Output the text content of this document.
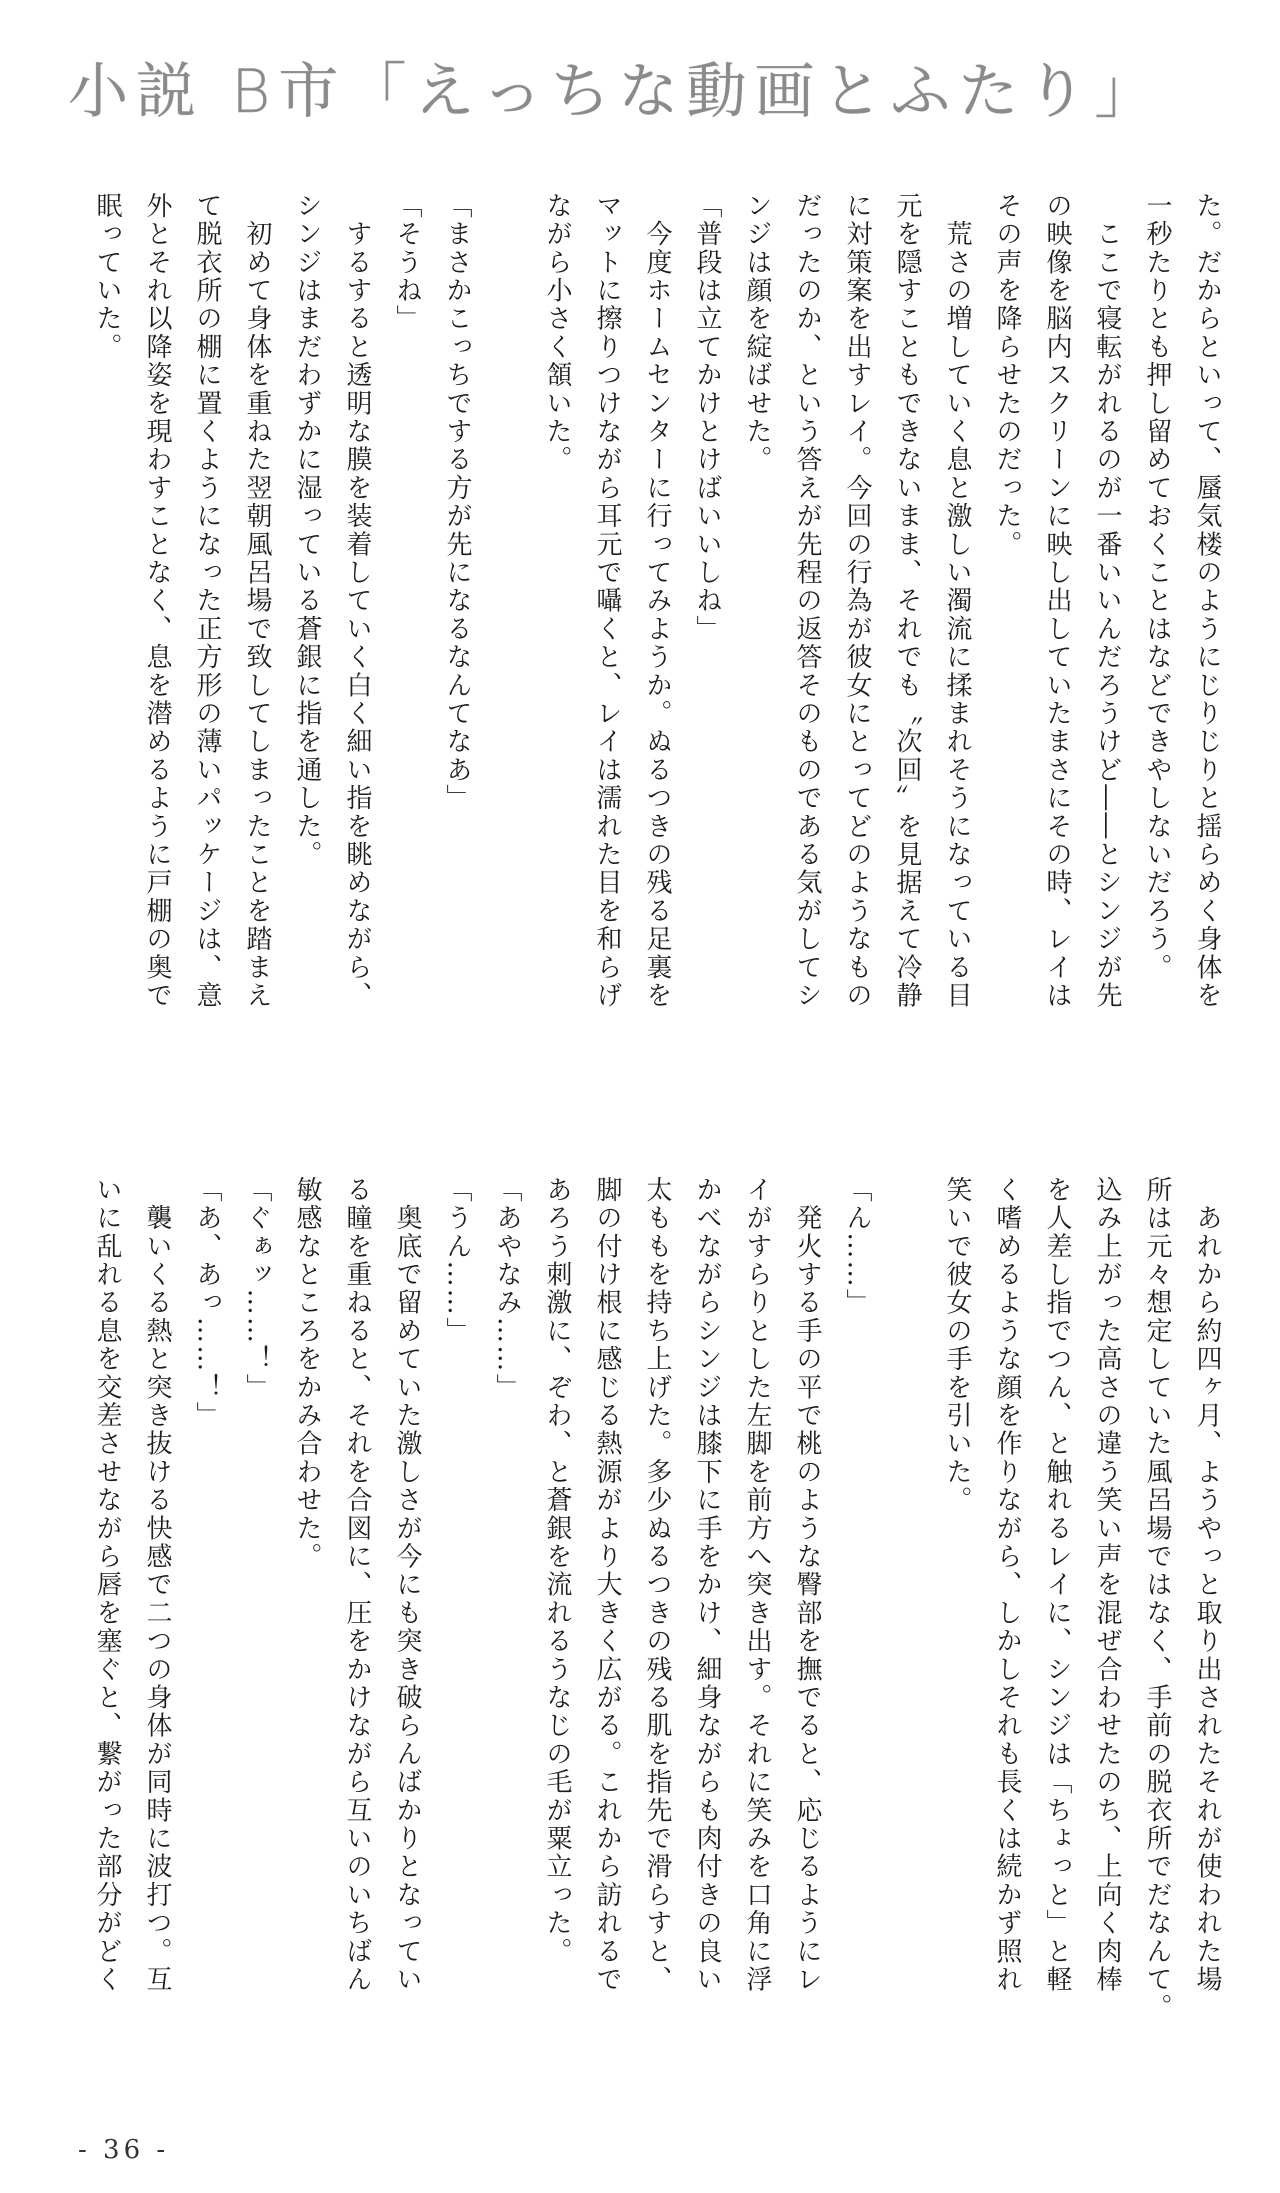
小説 B市「えっちな動画とふたり」

た。だからといって、蜃気楼のようにじりじりと揺らめく身体を

一秒たりとも押し留めておくことはなどできやしないだろう。

　ここで寝転がれるのが一番いいんだろうけど――とシンジが先

の映像を脳内スクリーンに映し出していたまさにその時、レイは

その声を降らせたのだった。

　荒さの増していく息と激しい濁流に揉まれそうになっている目

元を隠すこともできないまま、それでも〝次回〟を見据えて冷静

に対策案を出すレイ。今回の行為が彼女にとってどのようなもの

だったのか、という答えが先程の返答そのものである気がしてシ

ンジは顔を綻ばせた。

「普段は立てかけとけばいいしね」

　今度ホームセンターに行ってみようか。ぬるつきの残る足裏を

マットに擦りつけながら耳元で囁くと、レイは濡れた目を和らげ

ながら小さく頷いた。

「まさかこっちでする方が先になるなんてなあ」

「そうね」

　するすると透明な膜を装着していく白く細い指を眺めながら、

シンジはまだわずかに湿っている蒼銀に指を通した。

　初めて身体を重ねた翌朝風呂場で致してしまったことを踏まえ

て脱衣所の棚に置くようになった正方形の薄いパッケージは、意

外とそれ以降姿を現わすことなく、息を潜めるように戸棚の奥で

眠っていた。

　あれから約四ヶ月、ようやっと取り出されたそれが使われた場

所は元々想定していた風呂場ではなく、手前の脱衣所でだなんて。

込み上がった高さの違う笑い声を混ぜ合わせたのち、上向く肉棒

を人差し指でつん、と触れるレイに、シンジは「ちょっと」と軽

く嗜めるような顔を作りながら、しかしそれも長くは続かず照れ

笑いで彼女の手を引いた。

「ん……」

　発火する手の平で桃のような臀部を撫でると、応じるようにレ

イがすらりとした左脚を前方へ突き出す。それに笑みを口角に浮

かべながらシンジは膝下に手をかけ、細身ながらも肉付きの良い

太ももを持ち上げた。多少ぬるつきの残る肌を指先で滑らすと、

脚の付け根に感じる熱源がより大きく広がる。これから訪れるで

あろう刺激に、ぞわ、と蒼銀を流れるうなじの毛が粟立った。

「あやなみ……」

「うん……」

　奥底で留めていた激しさが今にも突き破らんばかりとなってい

る瞳を重ねると、それを合図に、圧をかけながら互いのいちばん

敏感なところをかみ合わせた。

「ぐぁッ……！」

「あ、あっ……！」

　襲いくる熱と突き抜ける快感で二つの身体が同時に波打つ。互

いに乱れる息を交差させながら唇を塞ぐと、繋がった部分がどく

- 36 -
